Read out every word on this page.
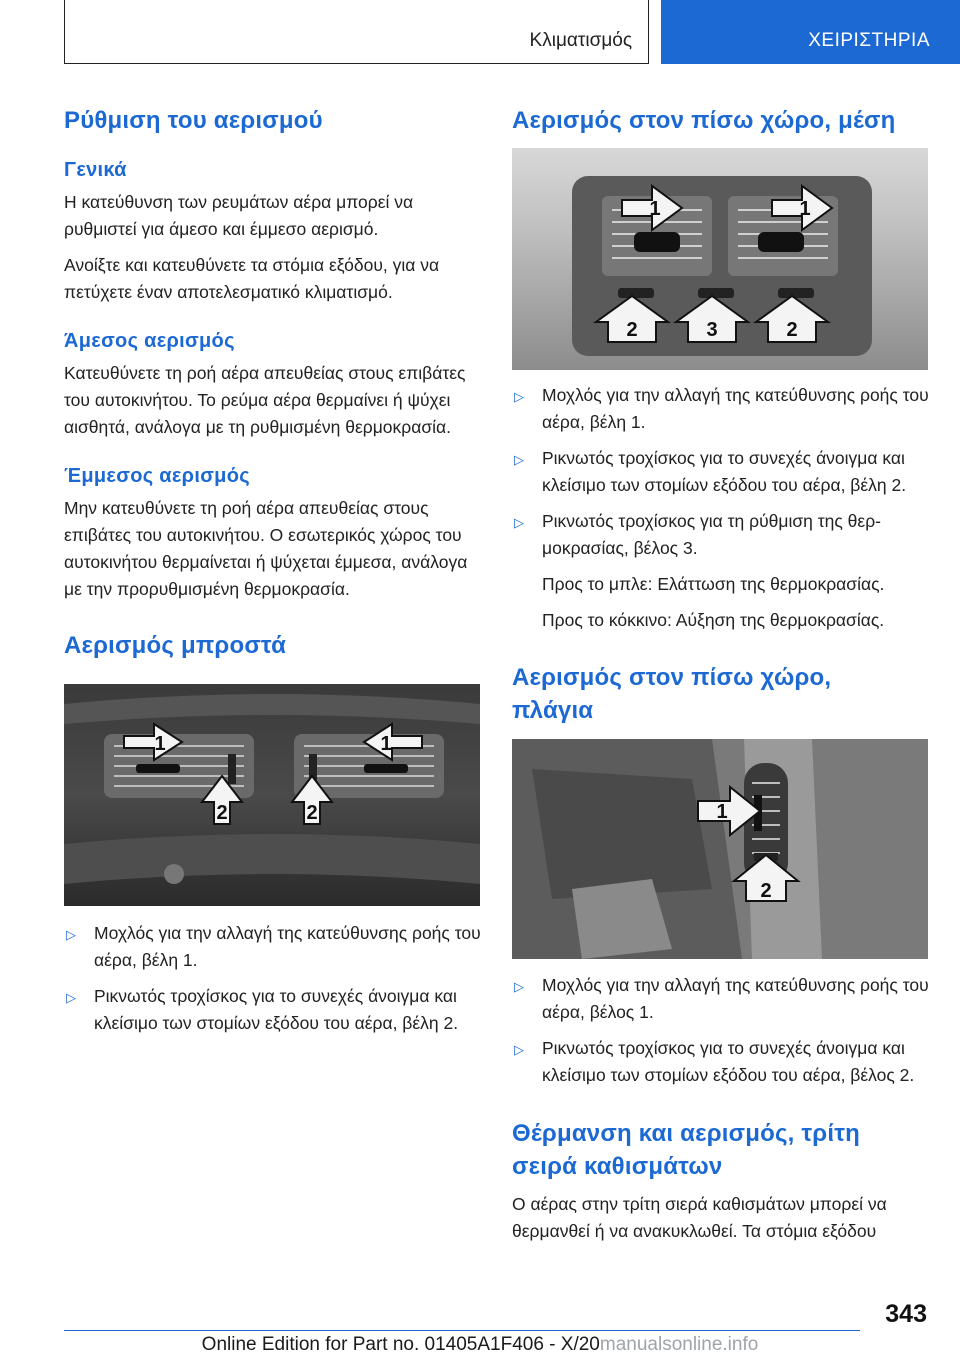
Κλιματισμός	ΧΕΙΡΙΣΤΗΡΙΑ
Ρύθμιση του αερισμού
Γενικά

Η κατεύθυνση των ρευμάτων αέρα μπορεί να ρυθμιστεί για άμεσο και έμμεσο αερισμό.

Ανοίξτε και κατευθύνετε τα στόμια εξόδου, για να πετύχετε έναν αποτελεσματικό κλιματισμό.

Άμεσος αερισμός

Κατευθύνετε τη ροή αέρα απευθείας στους επιβάτες του αυτοκινήτου. Το ρεύμα αέρα θερμαίνει ή ψύχει αισθητά, ανάλογα με τη ρυθμισμένη θερμοκρασία.

Έμμεσος αερισμός

Μην κατευθύνετε τη ροή αέρα απευθείας στους επιβάτες του αυτοκινήτου. Ο εσωτερικός χώρος του αυτοκινήτου θερμαίνεται ή ψύχεται έμμεσα, ανάλογα με την προρυθμισμένη θερμοκρασία.

Αερισμός μπροστά
1	1
2	2
▷ Μοχλός για την αλλαγή της κατεύθυνσης ροής του αέρα, βέλη 1.
▷ Ρικνωτός τροχίσκος για το συνεχές άνοιγμα και κλείσιμο των στομίων εξόδου του αέρα, βέλη 2.
Αερισμός στον πίσω χώρο, μέση
1	1
2	3	2
▷ Μοχλός για την αλλαγή της κατεύθυνσης ροής του αέρα, βέλη 1.
▷ Ρικνωτός τροχίσκος για το συνεχές άνοιγμα και κλείσιμο των στομίων εξόδου του αέρα, βέλη 2.
▷ Ρικνωτός τροχίσκος για τη ρύθμιση της θερμοκρασίας, βέλος 3.
Προς το μπλε: Ελάττωση της θερμοκρασίας.
Προς το κόκκινο: Αύξηση της θερμοκρασίας.
Αερισμός στον πίσω χώρο, πλάγια
1
2
▷ Μοχλός για την αλλαγή της κατεύθυνσης ροής του αέρα, βέλος 1.
▷ Ρικνωτός τροχίσκος για το συνεχές άνοιγμα και κλείσιμο των στομίων εξόδου του αέρα, βέλος 2.
Θέρμανση και αερισμός, τρίτη σειρά καθισμάτων

Ο αέρας στην τρίτη σιερά καθισμάτων μπορεί να θερμανθεί ή να ανακυκλωθεί. Τα στόμια εξόδου

343
Online Edition for Part no. 01405A1F406 - X/20manualsonline.info
